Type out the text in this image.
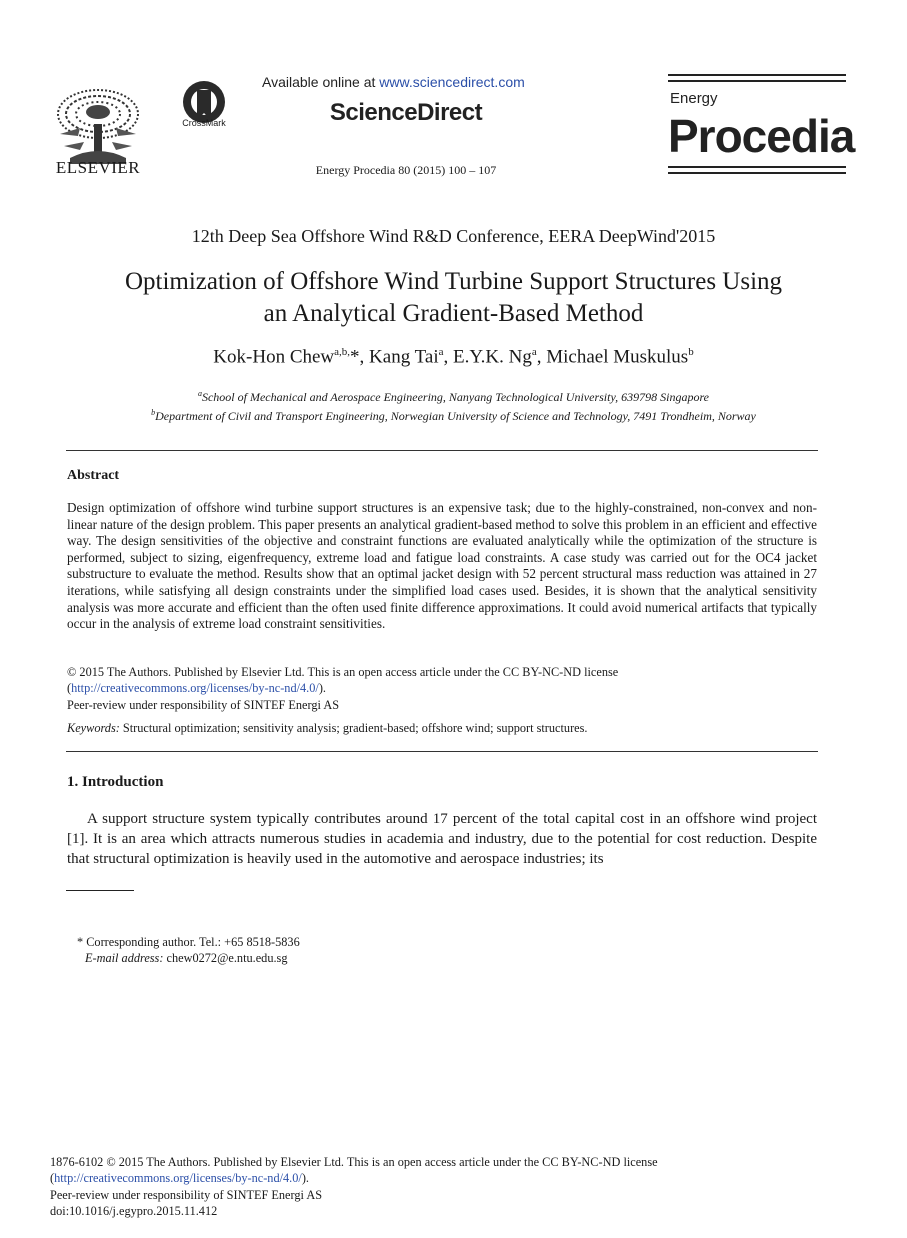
ELSEVIER
CrossMark
Available online at www.sciencedirect.com
ScienceDirect
Energy Procedia 80 (2015) 100 – 107
Energy
Procedia
12th Deep Sea Offshore Wind R&D Conference, EERA DeepWind'2015
Optimization of Offshore Wind Turbine Support Structures Using
an Analytical Gradient-Based Method
Kok-Hon Chew$^{a,b,}$*, Kang Tai$^a$, E.Y.K. Ng$^a$, Michael Muskulus$^b$
$^a$School of Mechanical and Aerospace Engineering, Nanyang Technological University, 639798 Singapore
$^b$Department of Civil and Transport Engineering, Norwegian University of Science and Technology, 7491 Trondheim, Norway
Abstract
Design optimization of offshore wind turbine support structures is an expensive task; due to the highly-constrained, non-convex and non-linear nature of the design problem. This paper presents an analytical gradient-based method to solve this problem in an efficient and effective way. The design sensitivities of the objective and constraint functions are evaluated analytically while the optimization of the structure is performed, subject to sizing, eigenfrequency, extreme load and fatigue load constraints. A case study was carried out for the OC4 jacket substructure to evaluate the method. Results show that an optimal jacket design with 52 percent structural mass reduction was attained in 27 iterations, while satisfying all design constraints under the simplified load cases used. Besides, it is shown that the analytical sensitivity analysis was more accurate and efficient than the often used finite difference approximations. It could avoid numerical artifacts that typically occur in the analysis of extreme load constraint sensitivities.
© 2015 The Authors. Published by Elsevier Ltd. This is an open access article under the CC BY-NC-ND license
(http://creativecommons.org/licenses/by-nc-nd/4.0/).
Peer-review under responsibility of SINTEF Energi AS
Keywords: Structural optimization; sensitivity analysis; gradient-based; offshore wind; support structures.
1. Introduction
A support structure system typically contributes around 17 percent of the total capital cost in an offshore wind project [1]. It is an area which attracts numerous studies in academia and industry, due to the potential for cost reduction. Despite that structural optimization is heavily used in the automotive and aerospace industries; its
* Corresponding author. Tel.: +65 8518-5836
E-mail address: chew0272@e.ntu.edu.sg
1876-6102 © 2015 The Authors. Published by Elsevier Ltd. This is an open access article under the CC BY-NC-ND license
(http://creativecommons.org/licenses/by-nc-nd/4.0/).
Peer-review under responsibility of SINTEF Energi AS
doi:10.1016/j.egypro.2015.11.412
